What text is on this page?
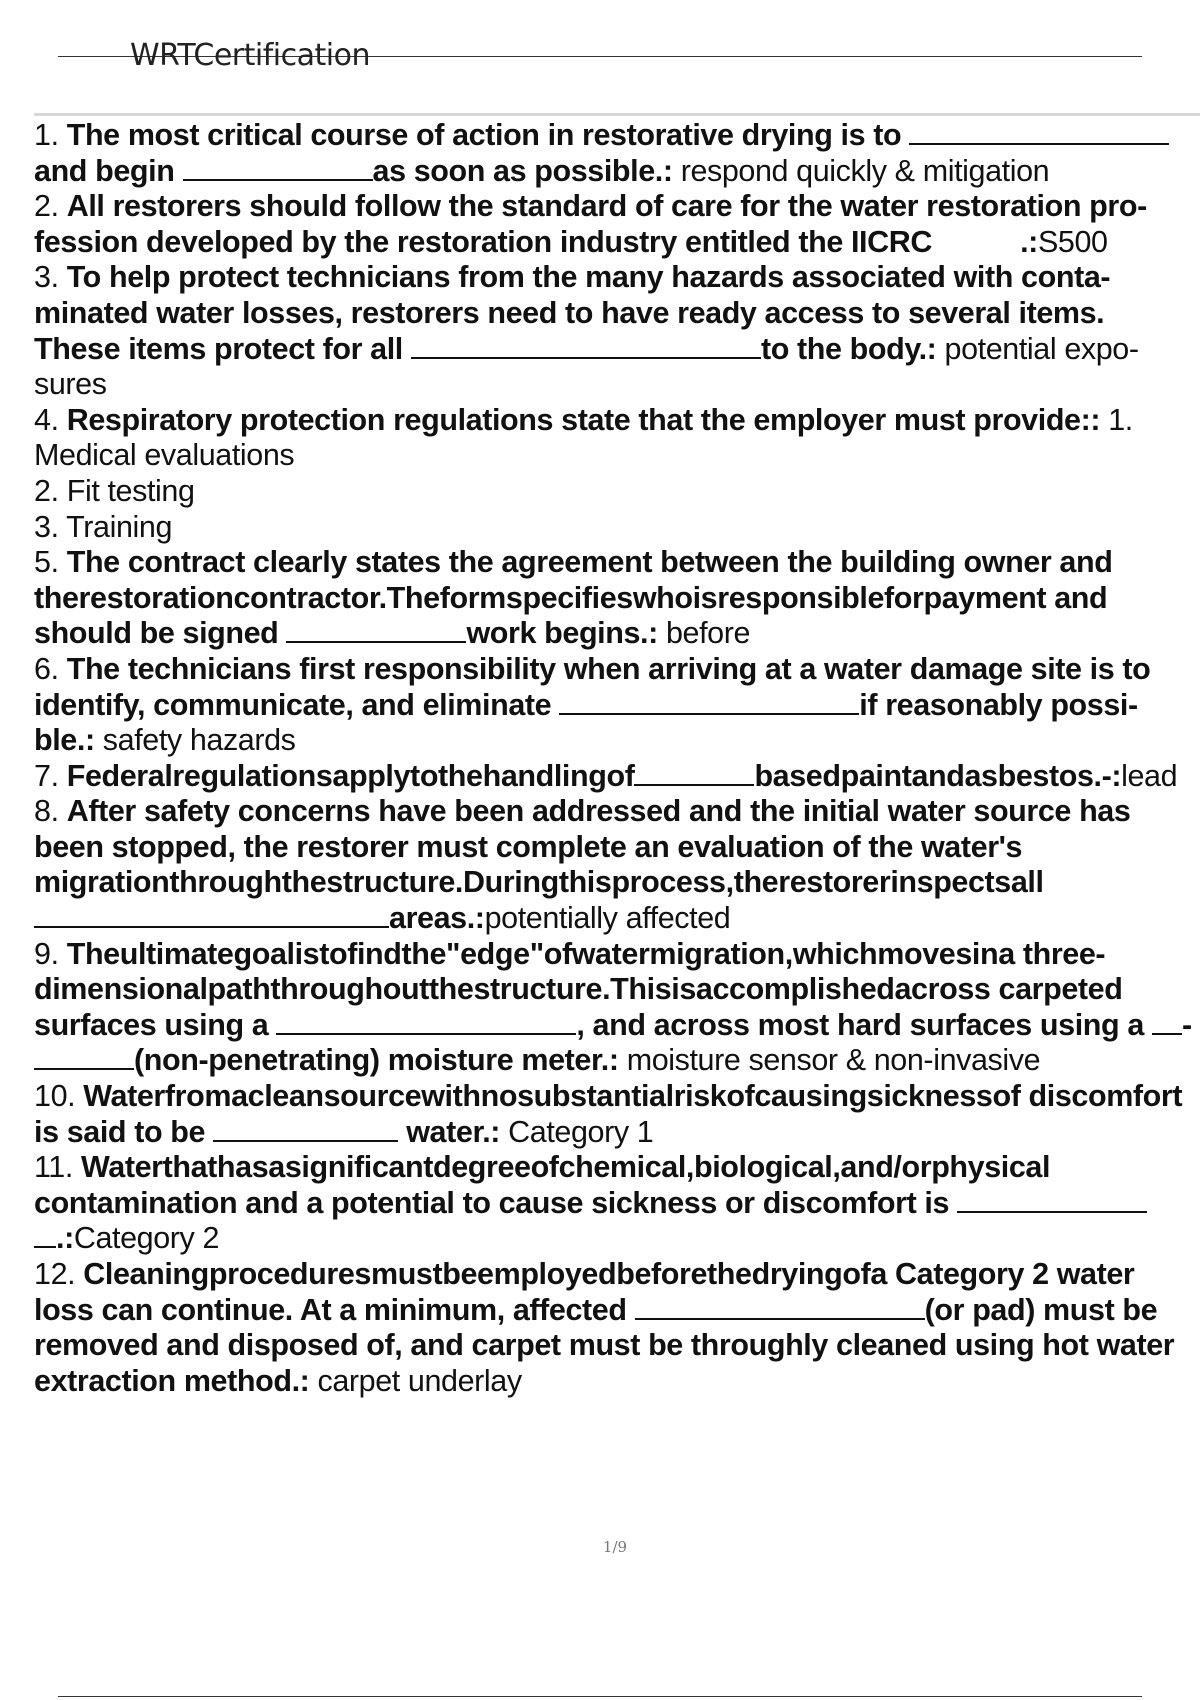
WRTCertification

1. The most critical course of action in restorative drying is to
and begin	as soon as possible.: respond quickly & mitigation

2. All restorers should follow the standard of care for the water restoration pro-fession developed by the restoration industry entitled the IICRC	.:S500

3. To help protect technicians from the many hazards associated with conta-minated water losses, restorers need to have ready access to several items. These items protect for all	to the body.: potential expo-sures

4. Respiratory protection regulations state that the employer must provide:: 1. Medical evaluations
2. Fit testing
3. Training

5. The contract clearly states the agreement between the building owner and therestorationcontractor.Theformspecifieswhoisresponsibleforpayment and should be signed	work begins.: before

6. The technicians first responsibility when arriving at a water damage site is to identify, communicate, and eliminate	if reasonably possi-ble.: safety hazards

7. Federalregulationsapplytothehandlingof	basedpaintandasbestos.-:lead

8. After safety concerns have been addressed and the initial water source has been stopped, the restorer must complete an evaluation of the water's migrationthroughthestructure.Duringthisprocess,therestorerinspectsall
areas.:potentially affected

9. Theultimategoalistofindthe"edge"ofwatermigration,whichmovesina three-dimensionalpaththroughoutthestructure.Thisisaccomplishedacross carpeted surfaces using a	, and across most hard surfaces using a -(non-penetrating) moisture meter.: moisture sensor & non-invasive

10. Waterfromacleansourcewithnosubstantialriskofcausingsicknessof discomfort is said to be	water.: Category 1

11. Waterthathasasignificantdegreeofchemical,biological,and/orphysical contamination and a potential to cause sickness or discomfort is
.:Category 2

12. Cleaningproceduresmustbeemployedbeforethedryingofa Category 2 water loss can continue. At a minimum, affected	(or pad) must be removed and disposed of, and carpet must be throughly cleaned using hot water extraction method.: carpet underlay

1/9
